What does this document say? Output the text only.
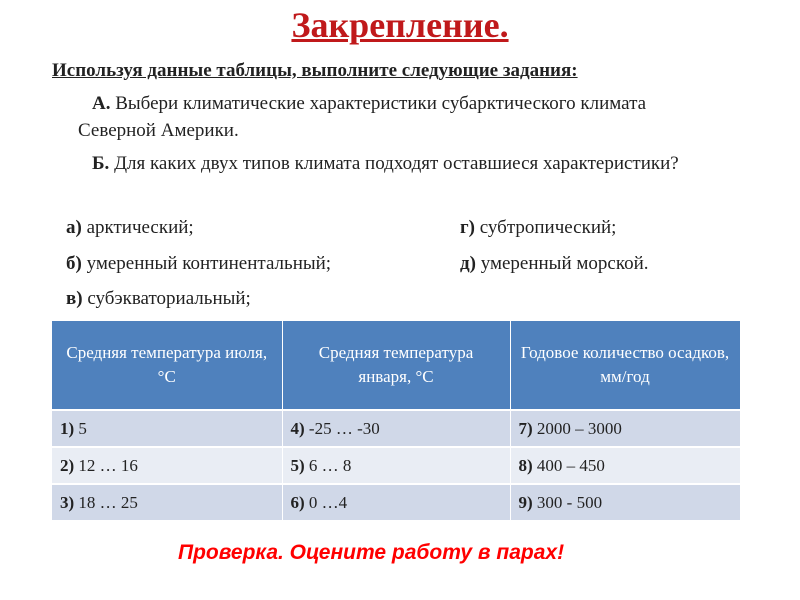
Закрепление.
Используя данные таблицы, выполните следующие задания:
А. Выбери климатические характеристики субарктического климата Северной Америки.
Б. Для каких двух типов климата подходят оставшиеся характеристики?
а) арктический;
б) умеренный континентальный;
в) субэкваториальный;
г) субтропический;
д) умеренный морской.
Средняя температура июля, °С	Средняя температура января, °С	Годовое количество осадков, мм/год
1) 5	4) -25 … -30	7) 2000 – 3000
2) 12 … 16	5) 6 … 8	8) 400 – 450
3) 18 … 25	6) 0 …4	9) 300 - 500
Проверка. Оцените работу в парах!
